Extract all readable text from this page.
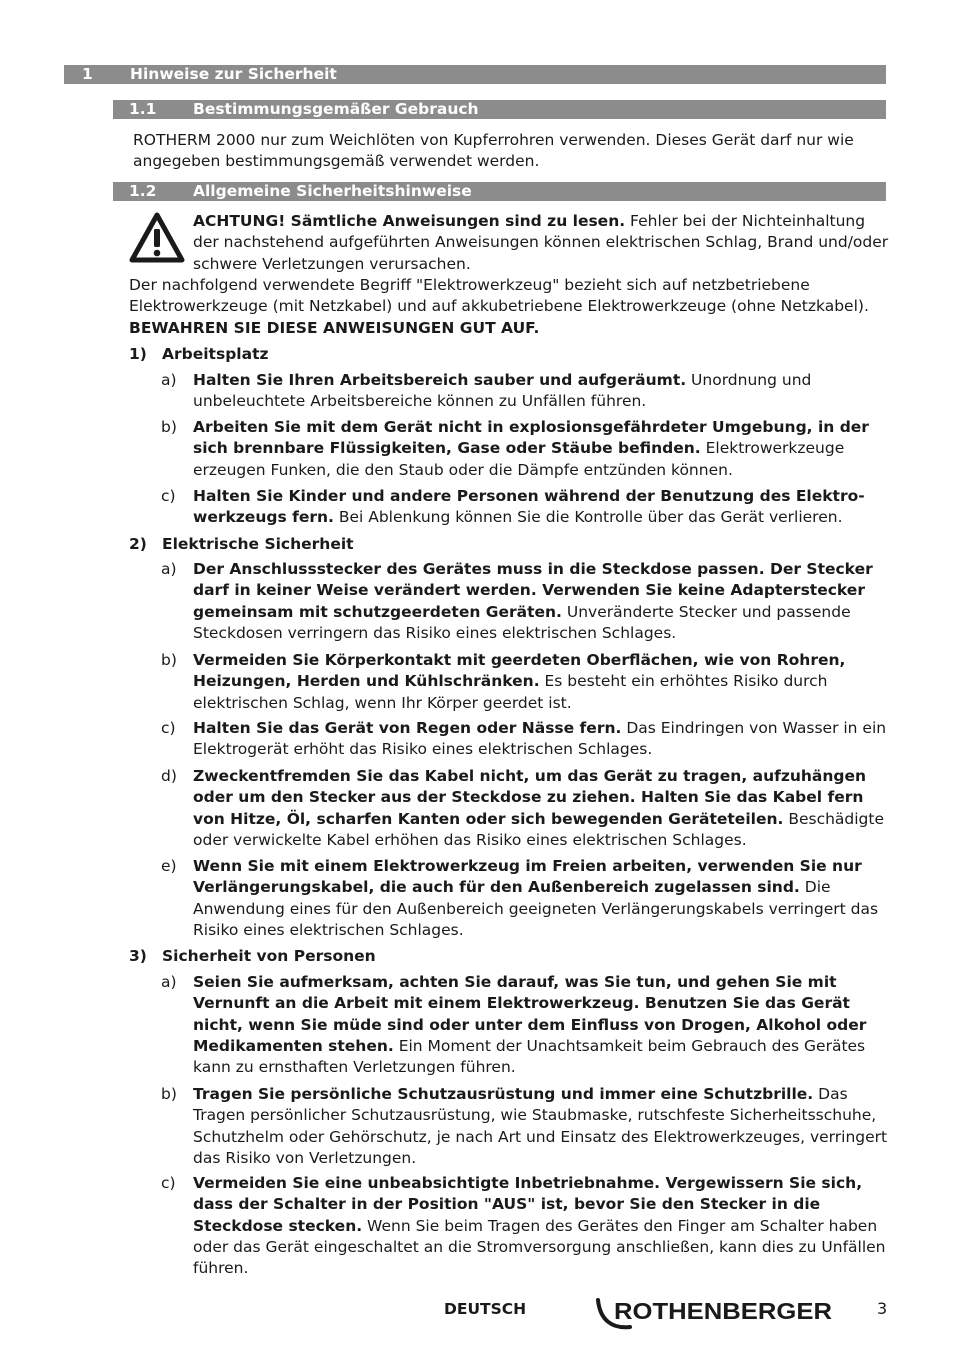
1 Hinweise zur Sicherheit
1.1 Bestimmungsgemäßer Gebrauch
ROTHERM 2000 nur zum Weichlöten von Kupferrohren verwenden. Dieses Gerät darf nur wie angegeben bestimmungsgemäß verwendet werden.
1.2 Allgemeine Sicherheitshinweise
ACHTUNG! Sämtliche Anweisungen sind zu lesen. Fehler bei der Nichteinhaltung der nachstehend aufgeführten Anweisungen können elektrischen Schlag, Brand und/oder schwere Verletzungen verursachen.
Der nachfolgend verwendete Begriff "Elektrowerkzeug" bezieht sich auf netzbetriebene Elektrowerkzeuge (mit Netzkabel) und auf akkubetriebene Elektrowerkzeuge (ohne Netzkabel).
BEWAHREN SIE DIESE ANWEISUNGEN GUT AUF.
1) Arbeitsplatz
a) Halten Sie Ihren Arbeitsbereich sauber und aufgeräumt. Unordnung und unbeleuchtete Arbeitsbereiche können zu Unfällen führen.
b) Arbeiten Sie mit dem Gerät nicht in explosionsgefährdeter Umgebung, in der sich brennbare Flüssigkeiten, Gase oder Stäube befinden. Elektrowerkzeuge erzeugen Funken, die den Staub oder die Dämpfe entzünden können.
c) Halten Sie Kinder und andere Personen während der Benutzung des Elektro-werkzeugs fern. Bei Ablenkung können Sie die Kontrolle über das Gerät verlieren.
2) Elektrische Sicherheit
a) Der Anschlussstecker des Gerätes muss in die Steckdose passen. Der Stecker darf in keiner Weise verändert werden. Verwenden Sie keine Adapterstecker gemeinsam mit schutzgeerdeten Geräten. Unveränderte Stecker und passende Steckdosen verringern das Risiko eines elektrischen Schlages.
b) Vermeiden Sie Körperkontakt mit geerdeten Oberflächen, wie von Rohren, Heizungen, Herden und Kühlschränken. Es besteht ein erhöhtes Risiko durch elektrischen Schlag, wenn Ihr Körper geerdet ist.
c) Halten Sie das Gerät von Regen oder Nässe fern. Das Eindringen von Wasser in ein Elektrogerät erhöht das Risiko eines elektrischen Schlages.
d) Zweckentfremden Sie das Kabel nicht, um das Gerät zu tragen, aufzuhängen oder um den Stecker aus der Steckdose zu ziehen. Halten Sie das Kabel fern von Hitze, Öl, scharfen Kanten oder sich bewegenden Geräteteilen. Beschädigte oder verwickelte Kabel erhöhen das Risiko eines elektrischen Schlages.
e) Wenn Sie mit einem Elektrowerkzeug im Freien arbeiten, verwenden Sie nur Verlängerungskabel, die auch für den Außenbereich zugelassen sind. Die Anwendung eines für den Außenbereich geeigneten Verlängerungskabels verringert das Risiko eines elektrischen Schlages.
3) Sicherheit von Personen
a) Seien Sie aufmerksam, achten Sie darauf, was Sie tun, und gehen Sie mit Vernunft an die Arbeit mit einem Elektrowerkzeug. Benutzen Sie das Gerät nicht, wenn Sie müde sind oder unter dem Einfluss von Drogen, Alkohol oder Medikamenten stehen. Ein Moment der Unachtsamkeit beim Gebrauch des Gerätes kann zu ernsthaften Verletzungen führen.
b) Tragen Sie persönliche Schutzausrüstung und immer eine Schutzbrille. Das Tragen persönlicher Schutzausrüstung, wie Staubmaske, rutschfeste Sicherheitsschuhe, Schutzhelm oder Gehörschutz, je nach Art und Einsatz des Elektrowerkzeuges, verringert das Risiko von Verletzungen.
c) Vermeiden Sie eine unbeabsichtigte Inbetriebnahme. Vergewissern Sie sich, dass der Schalter in der Position "AUS" ist, bevor Sie den Stecker in die Steckdose stecken. Wenn Sie beim Tragen des Gerätes den Finger am Schalter haben oder das Gerät eingeschaltet an die Stromversorgung anschließen, kann dies zu Unfällen führen.
DEUTSCH	ROTHENBERGER	3
